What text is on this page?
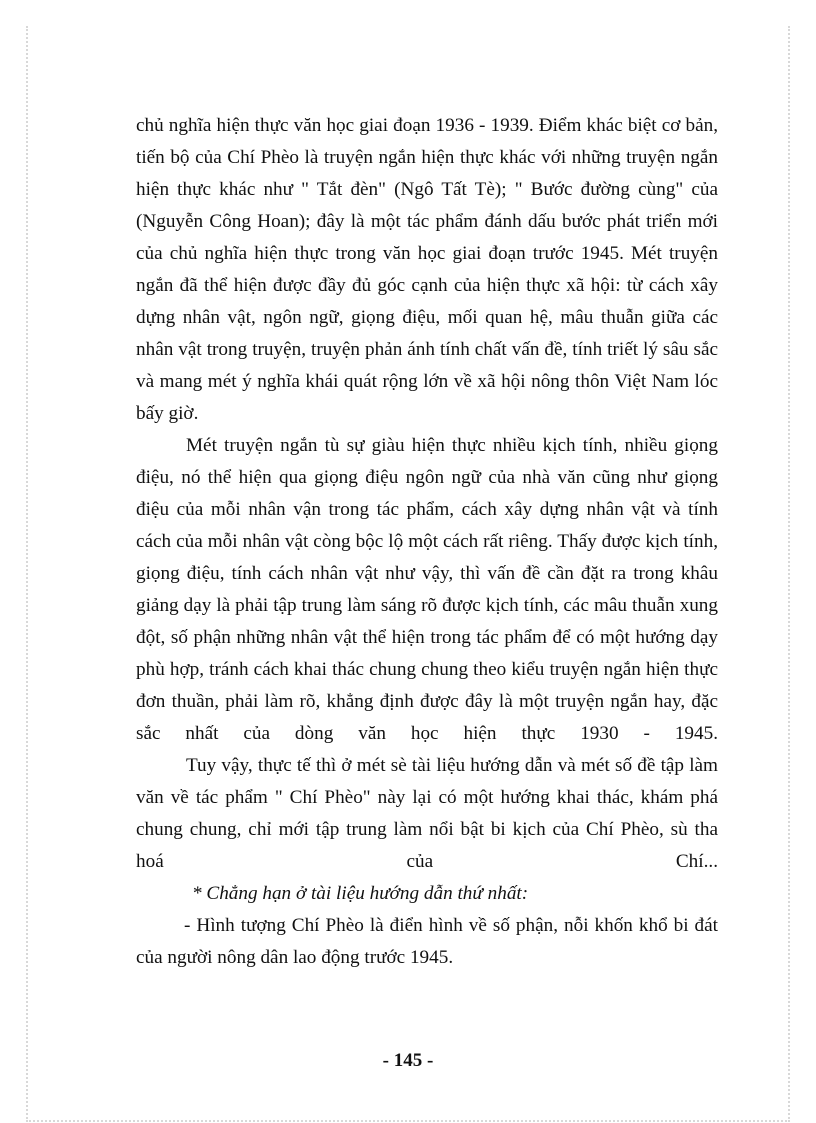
chủ nghĩa hiện thực văn học giai đoạn 1936 - 1939. Điểm khác biệt cơ bản, tiến bộ của Chí Phèo là truyện ngắn hiện thực khác với những truyện ngắn hiện thực khác như " Tắt đèn" (Ngô Tất Tè); " Bước đường cùng" của (Nguyễn Công Hoan); đây là một tác phẩm đánh dấu bước phát triển mới của chủ nghĩa hiện thực trong văn học giai đoạn trước 1945. Mét truyện ngắn đã thể hiện được đầy đủ góc cạnh của hiện thực xã hội: từ cách xây dựng nhân vật, ngôn ngữ, giọng điệu, mối quan hệ, mâu thuẫn giữa các nhân vật trong truyện, truyện phản ánh tính chất vấn đề, tính triết lý sâu sắc và mang mét ý nghĩa khái quát rộng lớn về xã hội nông thôn Việt Nam lóc bấy giờ.

Mét truyện ngắn tù sự giàu hiện thực nhiều kịch tính, nhiều giọng điệu, nó thể hiện qua giọng điệu ngôn ngữ của nhà văn cũng như giọng điệu của mỗi nhân vận trong tác phẩm, cách xây dựng nhân vật và tính cách của mỗi nhân vật còng bộc lộ một cách rất riêng. Thấy được kịch tính, giọng điệu, tính cách nhân vật như vậy, thì vấn đề cần đặt ra trong khâu giảng dạy là phải tập trung làm sáng rõ được kịch tính, các mâu thuẫn xung đột, số phận những nhân vật thể hiện trong tác phẩm để có một hướng dạy phù hợp, tránh cách khai thác chung chung theo kiểu truyện ngắn hiện thực đơn thuần, phải làm rõ, khẳng định được đây là một truyện ngắn hay, đặc sắc nhất của dòng văn học hiện thực 1930 - 1945.

Tuy vậy, thực tế thì ở mét sè tài liệu hướng dẫn và mét số đề tập làm văn về tác phẩm " Chí Phèo" này lại có một hướng khai thác, khám phá chung chung, chỉ mới tập trung làm nổi bật bi kịch của Chí Phèo, sù tha hoá của Chí...

* Chẳng hạn ở tài liệu hướng dẫn thứ nhất:

- Hình tượng Chí Phèo là điển hình về số phận, nỗi khốn khổ bi đát của người nông dân lao động trước 1945.

- 145 -
